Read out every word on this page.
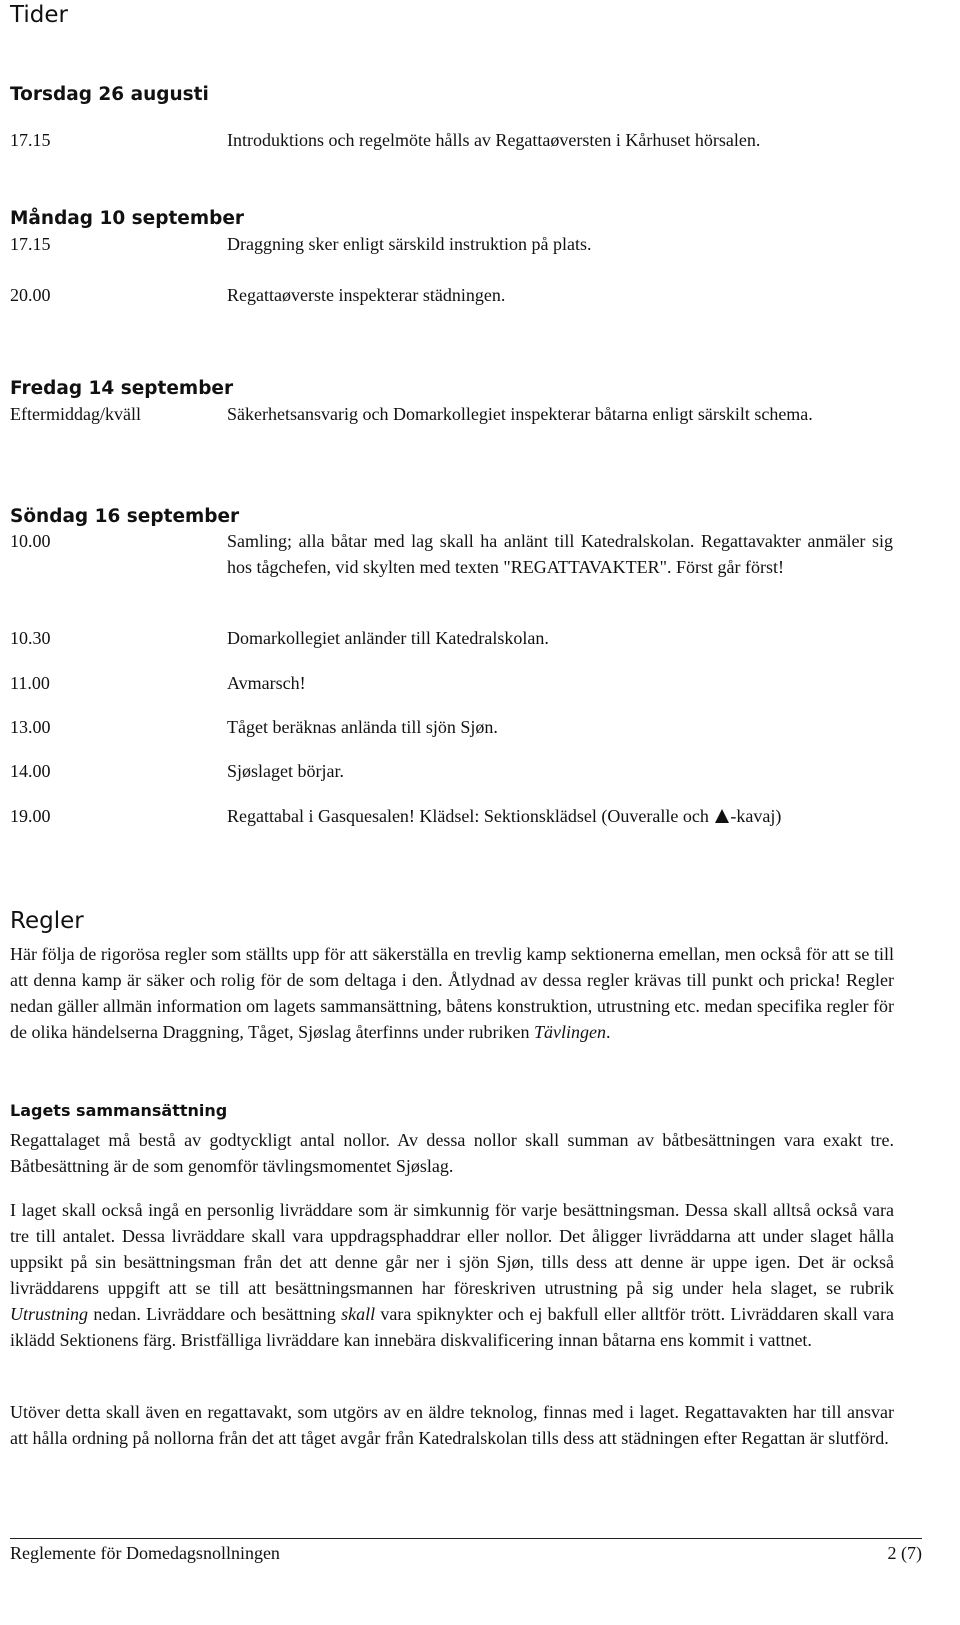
Tider
Torsdag 26 augusti
17.15	Introduktions och regelmöte hålls av Regattaøversten i Kårhuset hörsalen.
Måndag 10 september
17.15	Draggning sker enligt särskild instruktion på plats.
20.00	Regattaøverste inspekterar städningen.
Fredag 14 september
Eftermiddag/kväll	Säkerhetsansvarig och Domarkollegiet inspekterar båtarna enligt särskilt schema.
Söndag 16 september
10.00	Samling; alla båtar med lag skall ha anlänt till Katedralskolan. Regattavakter anmäler sig hos tågchefen, vid skylten med texten "REGATTAVAKTER". Först går först!
10.30	Domarkollegiet anländer till Katedralskolan.
11.00	Avmarsch!
13.00	Tåget beräknas anlända till sjön Sjøn.
14.00	Sjøslaget börjar.
19.00	Regattabal i Gasquesalen! Klädsel: Sektionsklädsel (Ouveralle och -kavaj)
Regler

Här följa de rigorösa regler som ställts upp för att säkerställa en trevlig kamp sektionerna emellan, men också för att se till att denna kamp är säker och rolig för de som deltaga i den. Åtlydnad av dessa regler krävas till punkt och pricka! Regler nedan gäller allmän information om lagets sammansättning, båtens konstruktion, utrustning etc. medan specifika regler för de olika händelserna Draggning, Tåget, Sjøslag återfinns under rubriken Tävlingen.

Lagets sammansättning

Regattalaget må bestå av godtyckligt antal nollor. Av dessa nollor skall summan av båtbesättningen vara exakt tre. Båtbesättning är de som genomför tävlingsmomentet Sjøslag.

I laget skall också ingå en personlig livräddare som är simkunnig för varje besättningsman. Dessa skall alltså också vara tre till antalet. Dessa livräddare skall vara uppdragsphaddrar eller nollor. Det åligger livräddarna att under slaget hålla uppsikt på sin besättningsman från det att denne går ner i sjön Sjøn, tills dess att denne är uppe igen. Det är också livräddarens uppgift att se till att besättningsmannen har föreskriven utrustning på sig under hela slaget, se rubrik Utrustning nedan. Livräddare och besättning skall vara spiknykter och ej bakfull eller alltför trött. Livräddaren skall vara iklädd Sektionens färg. Bristfälliga livräddare kan innebära diskvalificering innan båtarna ens kommit i vattnet.

Utöver detta skall även en regattavakt, som utgörs av en äldre teknolog, finnas med i laget. Regattavakten har till ansvar att hålla ordning på nollorna från det att tåget avgår från Katedralskolan tills dess att städningen efter Regattan är slutförd.

Reglemente för Domedagsnollningen	2 (7)
